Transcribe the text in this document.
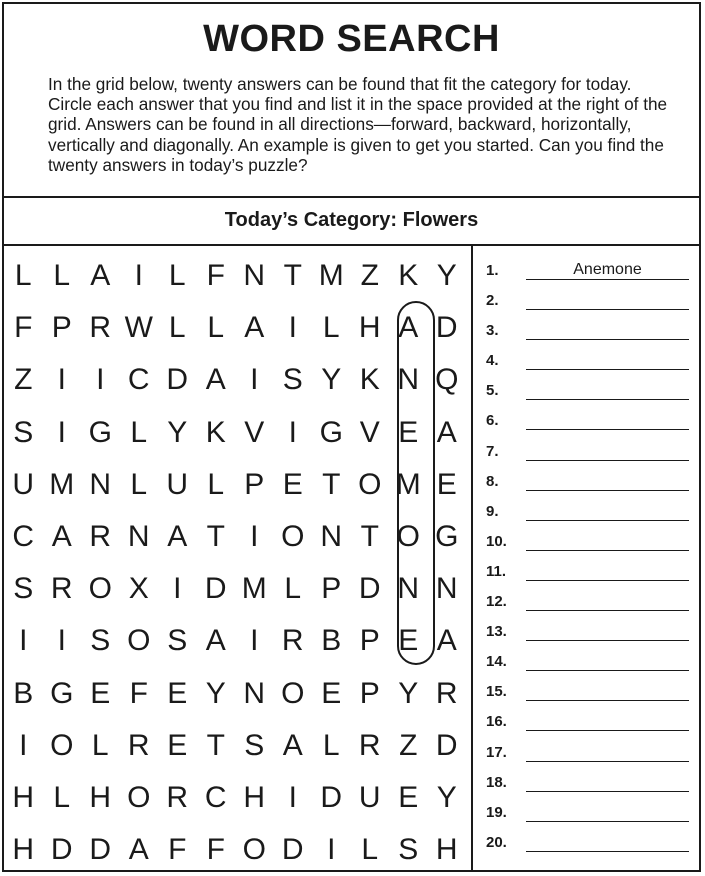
WORD SEARCH

In the grid below, twenty answers can be found that fit the category for today. Circle each answer that you find and list it in the space provided at the right of the grid. Answers can be found in all directions—forward, backward, horizontally, vertically and diagonally. An example is given to get you started. Can you find the twenty answers in today’s puzzle?

Today’s Category: Flowers
L L A I L F N T M Z K Y
F P R W L L A I L H A D
Z I	I C D A I S Y K N Q
S I G L Y K V I G V E A
U M N L U L P E T O M E
C A R N A T I O N T O G
S R O X I D M L P D N N
I	I S O S A I R B P E A
B G E F E Y N O E P Y R
I O L R E T S A L R Z D
H L H O R C H I D U E Y
H D D A F F O D I L S H
1.	Anemone
2.
3.
4.
5.
6.
7.
8.
9.
10.
11.
12.
13.
14.
15.
16.
17.
18.
19.
20.
